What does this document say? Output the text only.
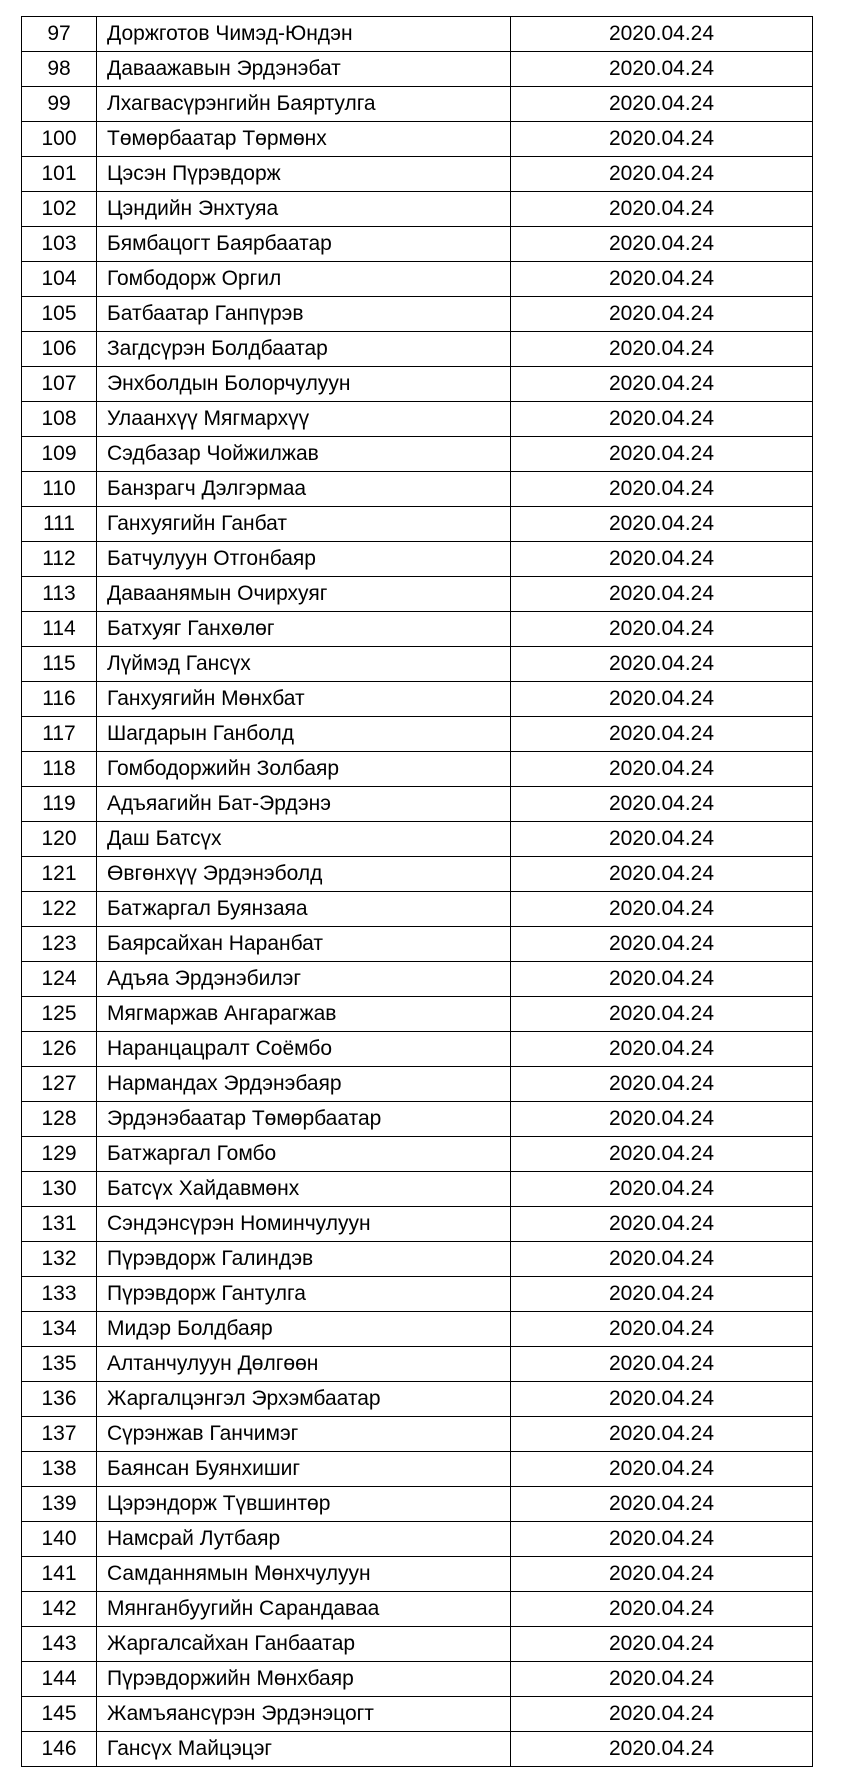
97	Доржготов Чимэд-Юндэн	2020.04.24
98	Даваажавын Эрдэнэбат	2020.04.24
99	Лхагвасүрэнгийн Баяртулга	2020.04.24
100	Төмөрбаатар Төрмөнх	2020.04.24
101	Цэсэн Пүрэвдорж	2020.04.24
102	Цэндийн Энхтуяа	2020.04.24
103	Бямбацогт Баярбаатар	2020.04.24
104	Гомбодорж Оргил	2020.04.24
105	Батбаатар Ганпүрэв	2020.04.24
106	Загдсүрэн Болдбаатар	2020.04.24
107	Энхболдын Болорчулуун	2020.04.24
108	Улаанхүү Мягмархүү	2020.04.24
109	Сэдбазар Чойжилжав	2020.04.24
110	Банзрагч Дэлгэрмаа	2020.04.24
111	Ганхуягийн Ганбат	2020.04.24
112	Батчулуун Отгонбаяр	2020.04.24
113	Даваанямын Очирхуяг	2020.04.24
114	Батхуяг Ганхөлөг	2020.04.24
115	Лүймэд Гансүх	2020.04.24
116	Ганхуягийн Мөнхбат	2020.04.24
117	Шагдарын Ганболд	2020.04.24
118	Гомбодоржийн Золбаяр	2020.04.24
119	Адъяагийн Бат-Эрдэнэ	2020.04.24
120	Даш Батсүх	2020.04.24
121	Өвгөнхүү Эрдэнэболд	2020.04.24
122	Батжаргал Буянзаяа	2020.04.24
123	Баярсайхан Наранбат	2020.04.24
124	Адъяа Эрдэнэбилэг	2020.04.24
125	Мягмаржав Ангарагжав	2020.04.24
126	Наранцацралт Соёмбо	2020.04.24
127	Нармандах Эрдэнэбаяр	2020.04.24
128	Эрдэнэбаатар Төмөрбаатар	2020.04.24
129	Батжаргал Гомбо	2020.04.24
130	Батсүх Хайдавмөнх	2020.04.24
131	Сэндэнсүрэн Номинчулуун	2020.04.24
132	Пүрэвдорж Галиндэв	2020.04.24
133	Пүрэвдорж Гантулга	2020.04.24
134	Мидэр Болдбаяр	2020.04.24
135	Алтанчулуун Дөлгөөн	2020.04.24
136	Жаргалцэнгэл Эрхэмбаатар	2020.04.24
137	Сүрэнжав Ганчимэг	2020.04.24
138	Баянсан Буянхишиг	2020.04.24
139	Цэрэндорж Түвшинтөр	2020.04.24
140	Намсрай Лутбаяр	2020.04.24
141	Самданнямын Мөнхчулуун	2020.04.24
142	Мянганбуугийн Сарандаваа	2020.04.24
143	Жаргалсайхан Ганбаатар	2020.04.24
144	Пүрэвдоржийн Мөнхбаяр	2020.04.24
145	Жамъяансүрэн Эрдэнэцогт	2020.04.24
146	Гансүх Майцэцэг	2020.04.24
